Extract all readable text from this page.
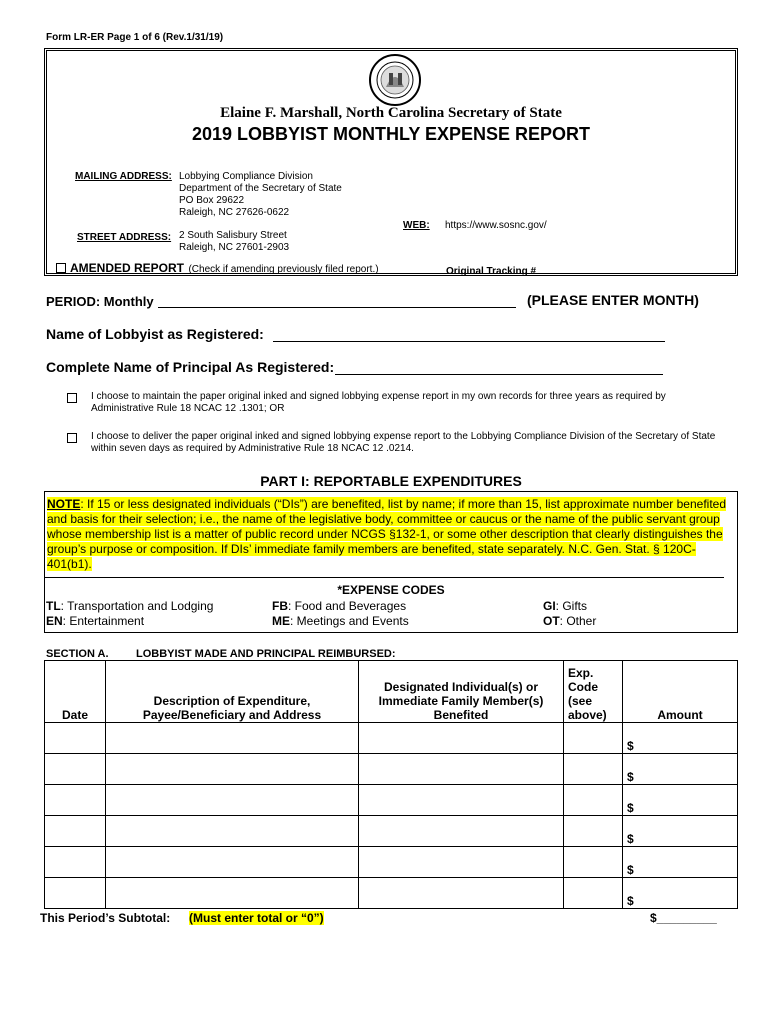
Form LR-ER Page 1 of 6 (Rev.1/31/19)
Elaine F. Marshall, North Carolina Secretary of State
2019 LOBBYIST MONTHLY EXPENSE REPORT
MAILING ADDRESS: Lobbying Compliance Division
Department of the Secretary of State
PO Box 29622
Raleigh, NC 27626-0622
WEB: https://www.sosnc.gov/
STREET ADDRESS: 2 South Salisbury Street
Raleigh, NC 27601-2903
AMENDED REPORT (Check if amending previously filed report.)	Original Tracking #
PERIOD: Monthly	(PLEASE ENTER MONTH)
Name of Lobbyist as Registered:
Complete Name of Principal As Registered:
I choose to maintain the paper original inked and signed lobbying expense report in my own records for three years as required by Administrative Rule 18 NCAC 12 .1301; OR
I choose to deliver the paper original inked and signed lobbying expense report to the Lobbying Compliance Division of the Secretary of State within seven days as required by Administrative Rule 18 NCAC 12 .0214.
PART I: REPORTABLE EXPENDITURES
NOTE: If 15 or less designated individuals (“DIs”) are benefited, list by name; if more than 15, list approximate number benefited and basis for their selection; i.e., the name of the legislative body, committee or caucus or the name of the public servant group whose membership list is a matter of public record under NCGS §132-1, or some other description that clearly distinguishes the group’s purpose or composition. If DIs’ immediate family members are benefited, state separately. N.C. Gen. Stat. § 120C-401(b1).
*EXPENSE CODES
TL: Transportation and Lodging	FB: Food and Beverages	GI: Gifts
EN: Entertainment	ME: Meetings and Events	OT: Other
SECTION A. LOBBYIST MADE AND PRINCIPAL REIMBURSED:
Date	Description of Expenditure, Payee/Beneficiary and Address	Designated Individual(s) or Immediate Family Member(s) Benefited	Exp. Code (see above)	Amount
				$
				$
				$
				$
				$
				$
This Period’s Subtotal: (Must enter total or “0”)	$_________
